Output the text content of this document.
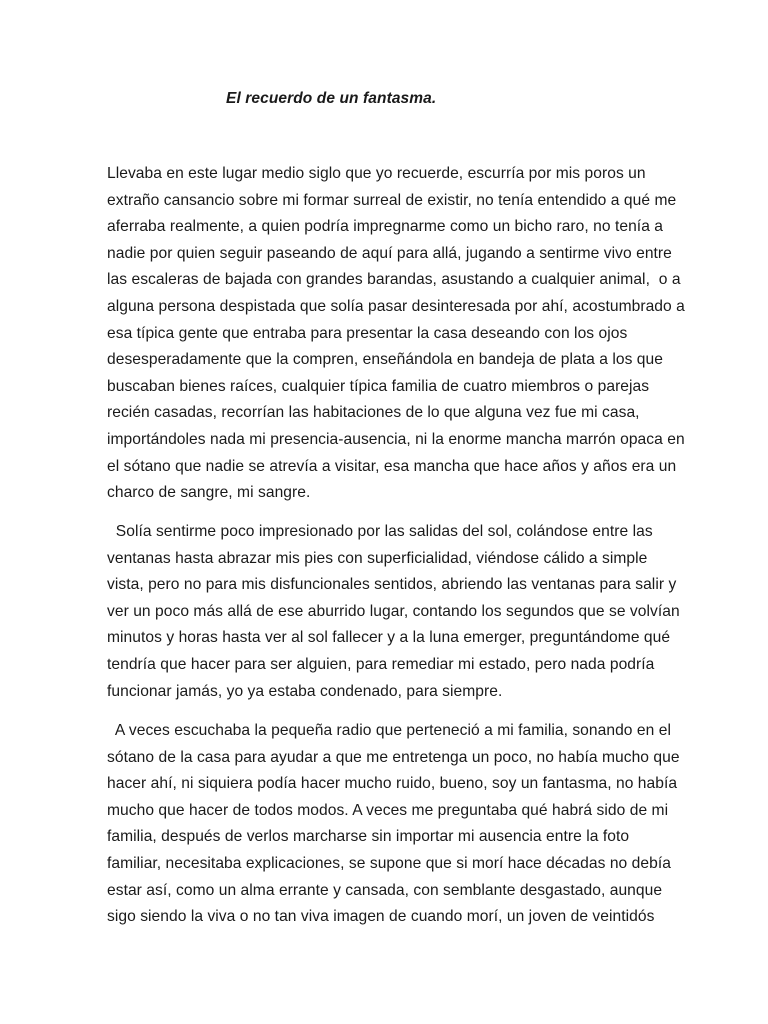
El recuerdo de un fantasma.
Llevaba en este lugar medio siglo que yo recuerde, escurría por mis poros un
extraño cansancio sobre mi formar surreal de existir, no tenía entendido a qué me
aferraba realmente, a quien podría impregnarme como un bicho raro, no tenía a
nadie por quien seguir paseando de aquí para allá, jugando a sentirme vivo entre
las escaleras de bajada con grandes barandas, asustando a cualquier animal,  o a
alguna persona despistada que solía pasar desinteresada por ahí, acostumbrado a
esa típica gente que entraba para presentar la casa deseando con los ojos
desesperadamente que la compren, enseñándola en bandeja de plata a los que
buscaban bienes raíces, cualquier típica familia de cuatro miembros o parejas
recién casadas, recorrían las habitaciones de lo que alguna vez fue mi casa,
importándoles nada mi presencia-ausencia, ni la enorme mancha marrón opaca en
el sótano que nadie se atrevía a visitar, esa mancha que hace años y años era un
charco de sangre, mi sangre.
Solía sentirme poco impresionado por las salidas del sol, colándose entre las
ventanas hasta abrazar mis pies con superficialidad, viéndose cálido a simple
vista, pero no para mis disfuncionales sentidos, abriendo las ventanas para salir y
ver un poco más allá de ese aburrido lugar, contando los segundos que se volvían
minutos y horas hasta ver al sol fallecer y a la luna emerger, preguntándome qué
tendría que hacer para ser alguien, para remediar mi estado, pero nada podría
funcionar jamás, yo ya estaba condenado, para siempre.
A veces escuchaba la pequeña radio que perteneció a mi familia, sonando en el
sótano de la casa para ayudar a que me entretenga un poco, no había mucho que
hacer ahí, ni siquiera podía hacer mucho ruido, bueno, soy un fantasma, no había
mucho que hacer de todos modos. A veces me preguntaba qué habrá sido de mi
familia, después de verlos marcharse sin importar mi ausencia entre la foto
familiar, necesitaba explicaciones, se supone que si morí hace décadas no debía
estar así, como un alma errante y cansada, con semblante desgastado, aunque
sigo siendo la viva o no tan viva imagen de cuando morí, un joven de veintidós
